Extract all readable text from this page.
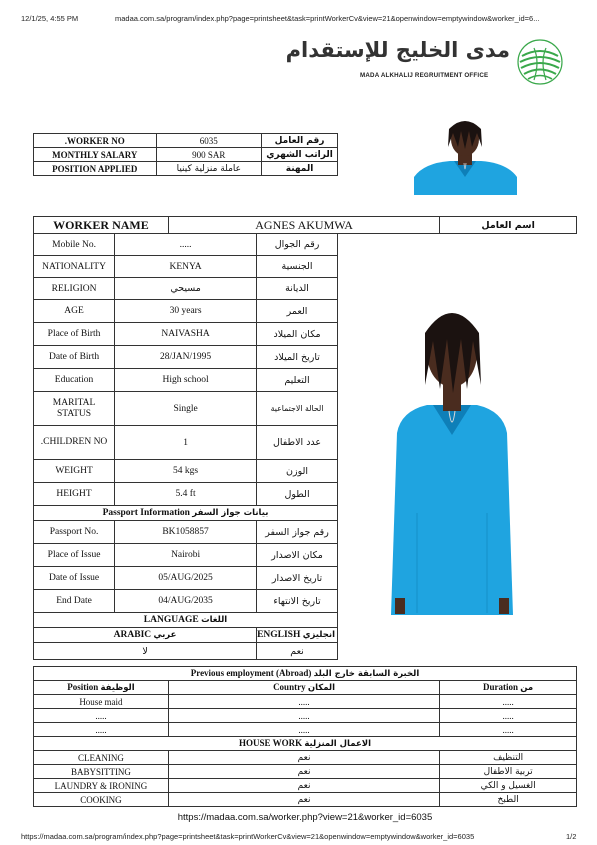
12/1/25, 4:55 PM	madaa.com.sa/program/index.php?page=printsheet&task=printWorkerCv&view=21&openwindow=emptywindow&worker_id=6...
مدى الخليج للإستقدام
MADA ALKHALIJ REGRUITMENT OFFICE
.WORKER NO	6035	رقم العامل
MONTHLY SALARY	900 SAR	الراتب الشهري
POSITION APPLIED	عاملة منزلية كينيا	المهنة
WORKER NAME	AGNES AKUMWA	اسم العامل
Mobile No.	.....	رقم الجوال
NATIONALITY	KENYA	الجنسية
RELIGION	مسيحي	الديانة
AGE	30 years	العمر
Place of Birth	NAIVASHA	مكان الميلاد
Date of Birth	28/JAN/1995	تاريخ الميلاد
Education	High school	التعليم
MARITAL STATUS	Single	الحالة الاجتماعية
.CHILDREN NO	1	عدد الاطفال
WEIGHT	54 kgs	الوزن
HEIGHT	5.4 ft	الطول
Passport Information بيانات جواز السفر		
Passport No.	BK1058857	رقم جواز السفر
Place of Issue	Nairobi	مكان الاصدار
Date of Issue	05/AUG/2025	تاريخ الاصدار
End Date	04/AUG/2035	تاريخ الانتهاء
LANGUAGE اللغات		
ARABIC عربي		ENGLISH انجليزي
لا		نعم
Previous employment (Abroad) الخبرة السابقة خارج البلد		
Position الوظيفة	Country المكان	Duration من
House maid	.....	.....
.....	.....	.....
.....	.....	.....
HOUSE WORK الاعمال المنزلية		
CLEANING	نعم	التنظيف
BABYSITTING	نعم	تربية الاطفال
LAUNDRY & IRONING	نعم	الغسيل و الكي
COOKING	نعم	الطبخ
https://madaa.com.sa/worker.php?view=21&worker_id=6035
https://madaa.com.sa/program/index.php?page=printsheet&task=printWorkerCv&view=21&openwindow=emptywindow&worker_id=6035	1/2
